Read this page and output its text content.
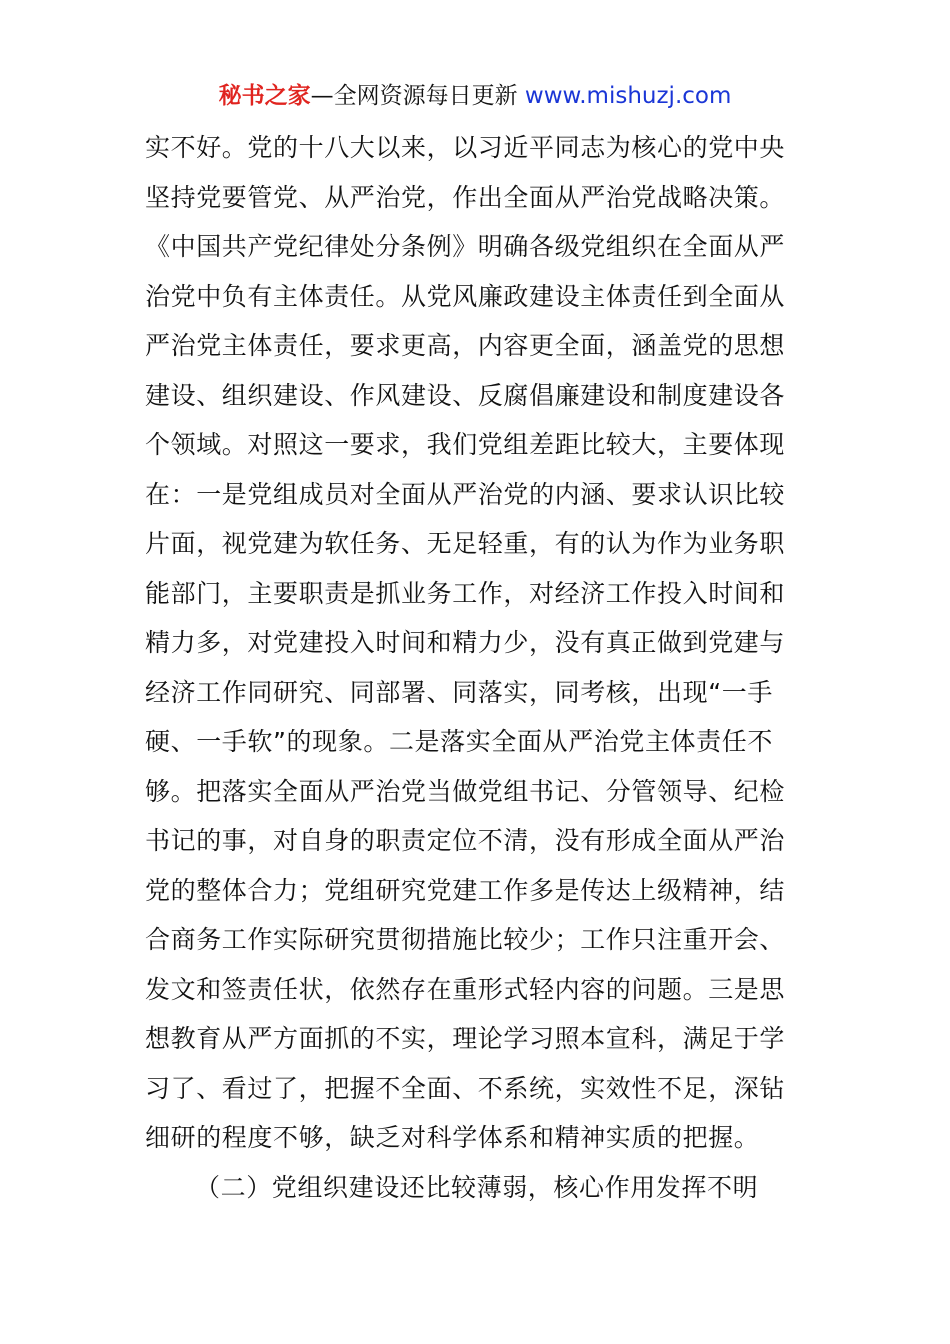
秘书之家—全网资源每日更新 www.mishuzj.com
实不好。党的十八大以来，以习近平同志为核心的党中央
坚持党要管党、从严治党，作出全面从严治党战略决策。
《中国共产党纪律处分条例》明确各级党组织在全面从严
治党中负有主体责任。从党风廉政建设主体责任到全面从
严治党主体责任，要求更高，内容更全面，涵盖党的思想
建设、组织建设、作风建设、反腐倡廉建设和制度建设各
个领域。对照这一要求，我们党组差距比较大，主要体现
在：一是党组成员对全面从严治党的内涵、要求认识比较
片面，视党建为软任务、无足轻重，有的认为作为业务职
能部门，主要职责是抓业务工作，对经济工作投入时间和
精力多，对党建投入时间和精力少，没有真正做到党建与
经济工作同研究、同部署、同落实，同考核，出现“一手
硬、一手软”的现象。二是落实全面从严治党主体责任不
够。把落实全面从严治党当做党组书记、分管领导、纪检
书记的事，对自身的职责定位不清，没有形成全面从严治
党的整体合力；党组研究党建工作多是传达上级精神，结
合商务工作实际研究贯彻措施比较少；工作只注重开会、
发文和签责任状，依然存在重形式轻内容的问题。三是思
想教育从严方面抓的不实，理论学习照本宣科，满足于学
习了、看过了，把握不全面、不系统，实效性不足，深钻
细研的程度不够，缺乏对科学体系和精神实质的把握。
（二）党组织建设还比较薄弱，核心作用发挥不明
